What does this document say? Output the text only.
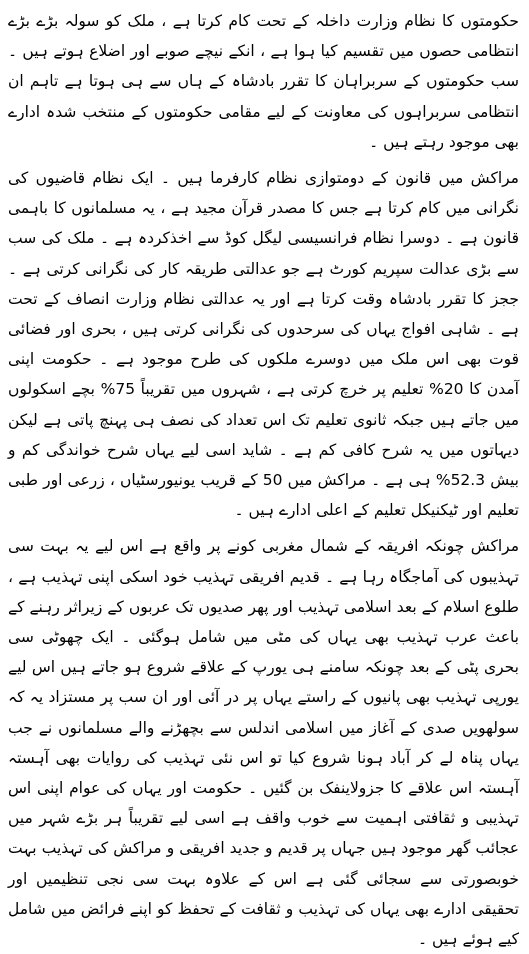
حکومتوں کا نظام وزارت داخلہ کے تحت کام کرتا ہے ، ملک کو سولہ بڑے بڑے انتظامی حصوں میں تقسیم کیا ہوا ہے ، انکے نیچے صوبے اور اضلاع ہوتے ہیں ۔ سب حکومتوں کے سربراہان کا تقرر بادشاہ کے ہاں سے ہی ہوتا ہے تاہم ان انتظامی سربراہوں کی معاونت کے لیے مقامی حکومتوں کے منتخب شدہ ادارے بھی موجود رہتے ہیں ۔

مراکش میں قانون کے دومتوازی نظام کارفرما ہیں ۔ ایک نظام قاضیوں کی نگرانی میں کام کرتا ہے جس کا مصدر قرآن مجید ہے ، یہ مسلمانوں کا باہمی قانون ہے ۔ دوسرا نظام فرانسیسی لیگل کوڈ سے اخذکردہ ہے ۔ ملک کی سب سے بڑی عدالت سپریم کورٹ ہے جو عدالتی طریقہ کار کی نگرانی کرتی ہے ۔ ججز کا تقرر بادشاہ وقت کرتا ہے اور یہ عدالتی نظام وزارت انصاف کے تحت ہے ۔ شاہی افواج یہاں کی سرحدوں کی نگرانی کرتی ہیں ، بحری اور فضائی قوت بھی اس ملک میں دوسرے ملکوں کی طرح موجود ہے ۔ حکومت اپنی آمدن کا 20% تعلیم پر خرچ کرتی ہے ، شہروں میں تقریباً 75% بچے اسکولوں میں جاتے ہیں جبکہ ثانوی تعلیم تک اس تعداد کی نصف ہی پہنچ پاتی ہے لیکن دیہاتوں میں یہ شرح کافی کم ہے ۔ شاید اسی لیے یہاں شرح خواندگی کم و بیش 52.3% ہی ہے ۔ مراکش میں 50 کے قریب یونیورسٹیاں ، زرعی اور طبی تعلیم اور ٹیکنیکل تعلیم کے اعلی ادارے ہیں ۔

مراکش چونکہ افریقہ کے شمال مغربی کونے پر واقع ہے اس لیے یہ بہت سی تہذیبوں کی آماجگاہ رہا ہے ۔ قدیم افریقی تہذیب خود اسکی اپنی تہذیب ہے ، طلوع اسلام کے بعد اسلامی تہذیب اور پھر صدیوں تک عربوں کے زیراثر رہنے کے باعث عرب تہذیب بھی یہاں کی مٹی میں شامل ہوگئی ۔ ایک چھوٹی سی بحری پٹی کے بعد چونکہ سامنے ہی یورپ کے علاقے شروع ہو جاتے ہیں اس لیے یورپی تہذیب بھی پانیوں کے راستے یہاں پر در آئی اور ان سب پر مستزاد یہ کہ سولھویں صدی کے آغاز میں اسلامی اندلس سے بچھڑنے والے مسلمانوں نے جب یہاں پناہ لے کر آباد ہونا شروع کیا تو اس نئی تہذیب کی روایات بھی آہستہ آہستہ اس علاقے کا جزولاینفک بن گئیں ۔ حکومت اور یہاں کی عوام اپنی اس تہذیبی و ثقافتی اہمیت سے خوب واقف ہے اسی لیے تقریباً ہر بڑے شہر میں عجائب گھر موجود ہیں جہاں پر قدیم و جدید افریقی و مراکش کی تہذیب بہت خوبصورتی سے سجائی گئی ہے اس کے علاوہ بہت سی نجی تنظیمیں اور تحقیقی ادارے بھی یہاں کی تہذیب و ثقافت کے تحفظ کو اپنے فرائض میں شامل کیے ہوئے ہیں ۔
